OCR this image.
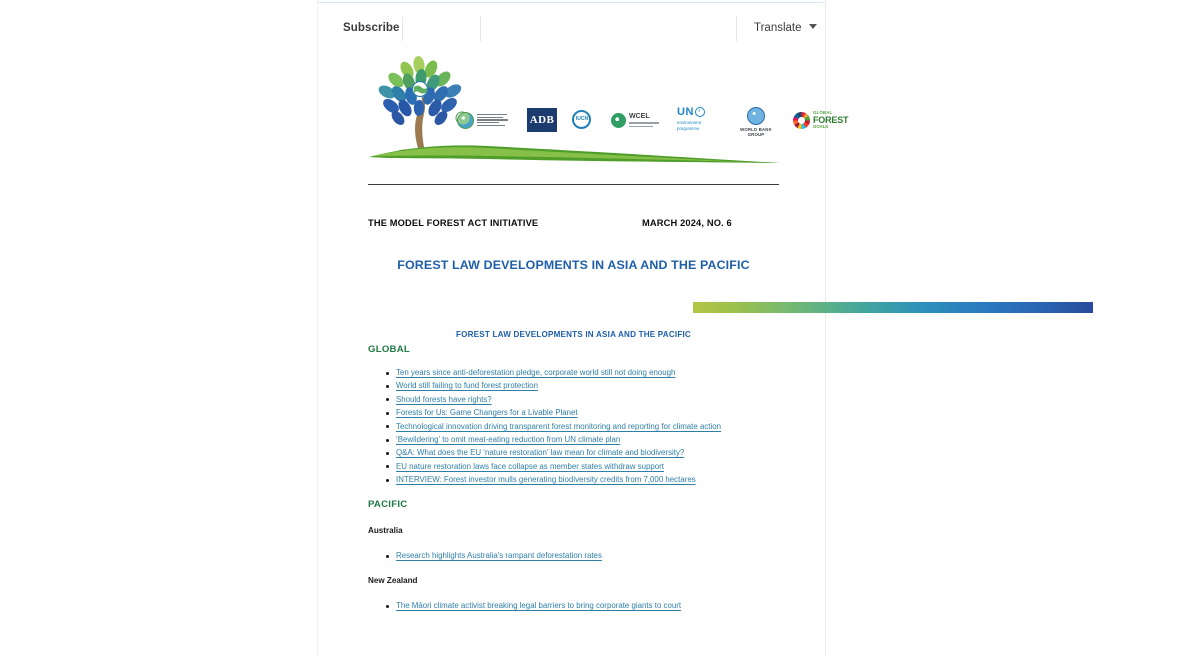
Subscribe	Translate
ADB	IUCN	WCEL	UN ◐
environment
programme	WORLD BANK GROUP
GLOBAL
FOREST
GOALS
THE MODEL FOREST ACT INITIATIVE	MARCH 2024, NO. 6
FOREST LAW DEVELOPMENTS IN ASIA AND THE PACIFIC
FOREST LAW DEVELOPMENTS IN ASIA AND THE PACIFIC
GLOBAL
Ten years since anti-deforestation pledge, corporate world still not doing enough
World still failing to fund forest protection
Should forests have rights?
Forests for Us: Game Changers for a Livable Planet
Technological innovation driving transparent forest monitoring and reporting for climate action
‘Bewildering’ to omit meat-eating reduction from UN climate plan
Q&A: What does the EU ‘nature restoration’ law mean for climate and biodiversity?
EU nature restoration laws face collapse as member states withdraw support
INTERVIEW: Forest investor mulls generating biodiversity credits from 7,000 hectares
PACIFIC
Australia
Research highlights Australia's rampant deforestation rates
New Zealand
The Māori climate activist breaking legal barriers to bring corporate giants to court
